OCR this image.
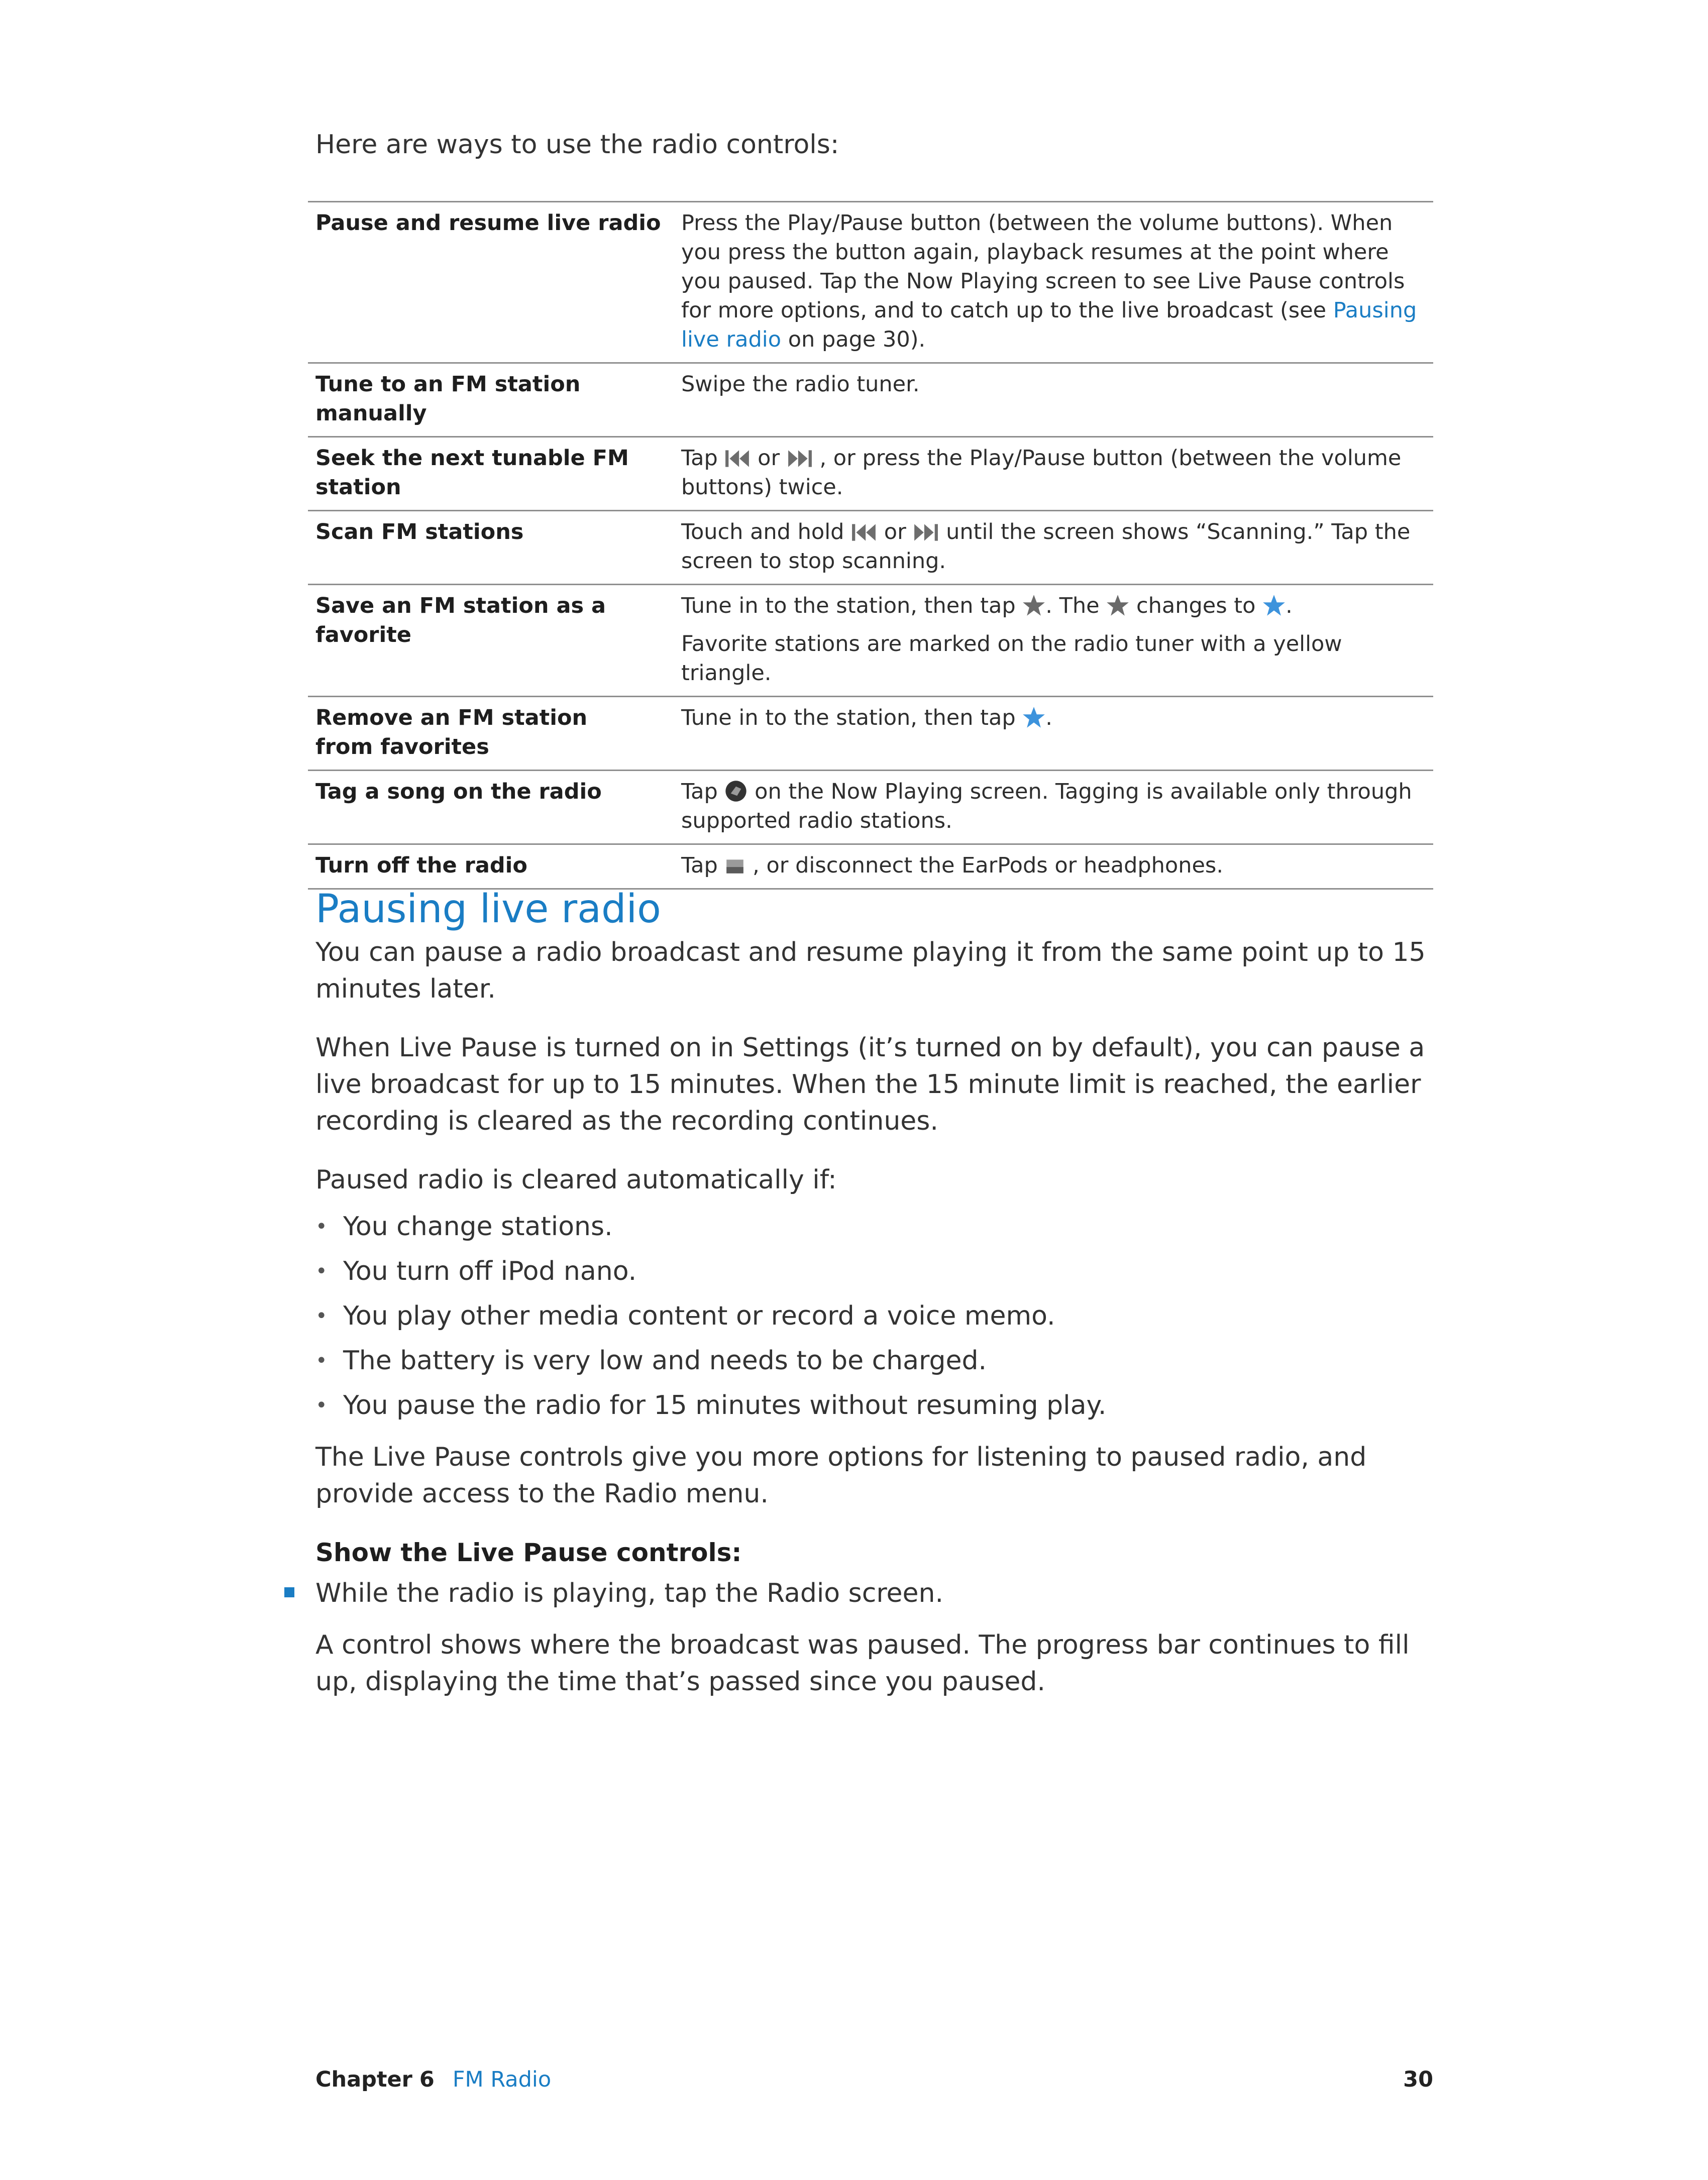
Here are ways to use the radio controls:
Pause and resume live radio	Press the Play/Pause button (between the volume buttons). When you press the button again, playback resumes at the point where you paused. Tap the Now Playing screen to see Live Pause controls for more options, and to catch up to the live broadcast (see Pausing live radio on page 30).
Tune to an FM station manually	Swipe the radio tuner.
Seek the next tunable FM station	Tap  or  , or press the Play/Pause button (between the volume buttons) twice.
Scan FM stations	Touch and hold  or  until the screen shows “Scanning.” Tap the screen to stop scanning.
Save an FM station as a favorite	Tune in to the station, then tap . The  changes to .

Favorite stations are marked on the radio tuner with a yellow triangle.

Remove an FM station
from favorites	Tune in to the station, then tap .
Tag a song on the radio	Tap  on the Now Playing screen. Tagging is available only through supported radio stations.
Turn off the radio	Tap  , or disconnect the EarPods or headphones.
Pausing live radio

You can pause a radio broadcast and resume playing it from the same point up to 15 minutes later.

When Live Pause is turned on in Settings (it’s turned on by default), you can pause a live broadcast for up to 15 minutes. When the 15 minute limit is reached, the earlier recording is cleared as the recording continues.

Paused radio is cleared automatically if:

• You change stations.
• You turn off iPod nano.
• You play other media content or record a voice memo.
• The battery is very low and needs to be charged.
• You pause the radio for 15 minutes without resuming play.

The Live Pause controls give you more options for listening to paused radio, and provide access to the Radio menu.

Show the Live Pause controls:
While the radio is playing, tap the Radio screen.

A control shows where the broadcast was paused. The progress bar continues to fill up, displaying the time that’s passed since you paused.

Chapter 6 FM Radio	30
